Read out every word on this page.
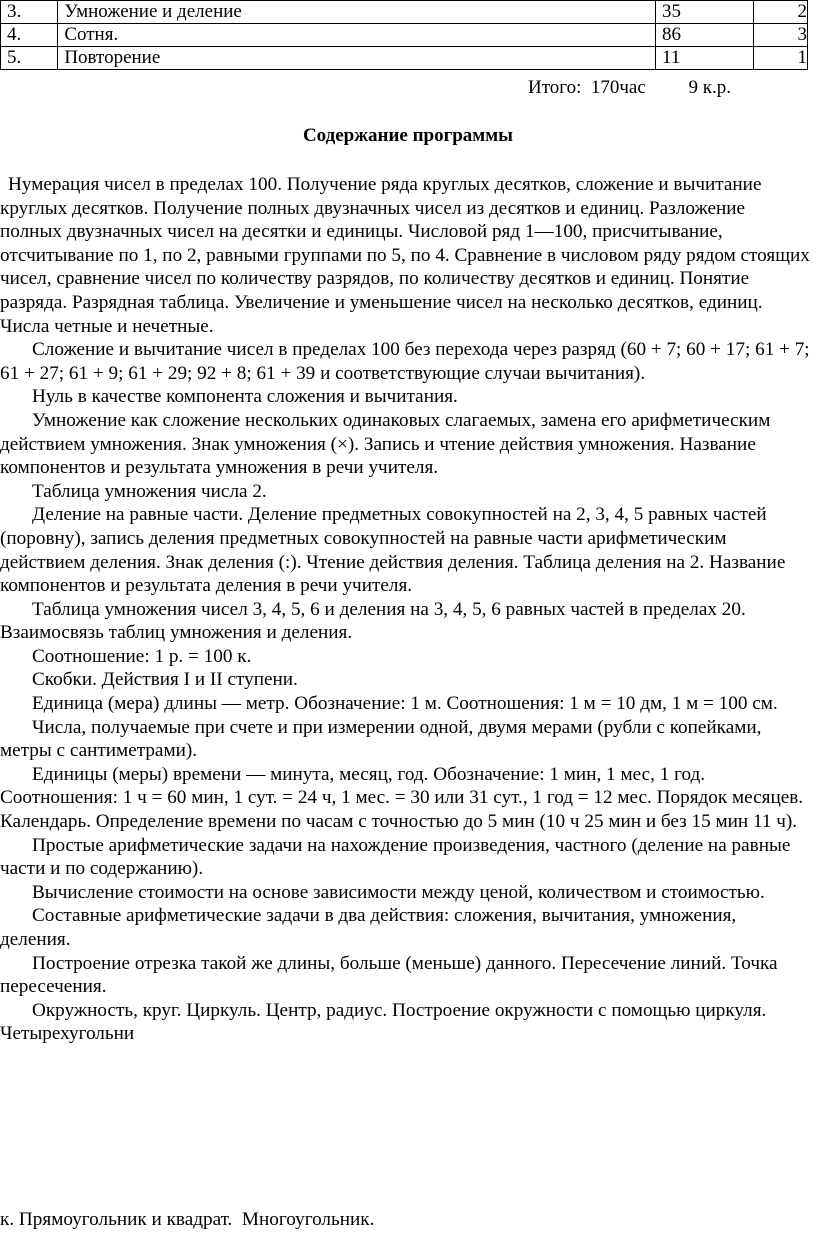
3.	Умножение и деление	35	2
4.	Сотня.	86	3
5.	Повторение	11	1
Итого: 170час 9 к.р.
Содержание программы

Нумерация чисел в пределах 100. Получение ряда круглых десятков, сложение и вычитание круглых десятков. Получение полных двузначных чисел из десятков и единиц. Разложение полных двузначных чисел на десятки и единицы. Числовой ряд 1—100, присчитывание, отсчитывание по 1, по 2, равными группами по 5, по 4. Сравнение в числовом ряду рядом стоящих чисел, сравнение чисел по количеству разрядов, по количеству десятков и единиц. Понятие разряда. Разрядная таблица. Увеличение и уменьшение чисел на несколько десятков, единиц. Числа четные и нечетные.

Сложение и вычитание чисел в пределах 100 без перехода через разряд (60 + 7; 60 + 17; 61 + 7; 61 + 27; 61 + 9; 61 + 29; 92 + 8; 61 + 39 и соответствующие случаи вычитания).

Нуль в качестве компонента сложения и вычитания.

Умножение как сложение нескольких одинаковых слагаемых, замена его арифметическим действием умножения. Знак умножения (×). Запись и чтение действия умножения. Название компонентов и результата умножения в речи учителя.

Таблица умножения числа 2.

Деление на равные части. Деление предметных совокупностей на 2, 3, 4, 5 равных частей (поровну), запись деления предметных совокупностей на равные части арифметическим действием деления. Знак деления (:). Чтение действия деления. Таблица деления на 2. Название компонентов и результата деления в речи учителя.

Таблица умножения чисел 3, 4, 5, 6 и деления на 3, 4, 5, 6 равных частей в пределах 20. Взаимосвязь таблиц умножения и деления.

Соотношение: 1 р. = 100 к.

Скобки. Действия I и II ступени.

Единица (мера) длины — метр. Обозначение: 1 м. Соотношения: 1 м = 10 дм, 1 м = 100 см.

Числа, получаемые при счете и при измерении одной, двумя мерами (рубли с копейками, метры с сантиметрами).

Единицы (меры) времени — минута, месяц, год. Обозначение: 1 мин, 1 мес, 1 год. Соотношения: 1 ч = 60 мин, 1 сут. = 24 ч, 1 мес. = 30 или 31 сут., 1 год = 12 мес. Порядок месяцев. Календарь. Определение времени по часам с точностью до 5 мин (10 ч 25 мин и без 15 мин 11 ч).

Простые арифметические задачи на нахождение произведения, частного (деление на равные части и по содержанию).

Вычисление стоимости на основе зависимости между ценой, количеством и стоимостью.

Составные арифметические задачи в два действия: сложения, вычитания, умножения, деления.

Построение отрезка такой же длины, больше (меньше) данного. Пересечение линий. Точка пересечения.

Окружность, круг. Циркуль. Центр, радиус. Построение окружности с помощью циркуля. Четырехугольни

к. Прямоугольник и квадрат.  Многоугольник.
